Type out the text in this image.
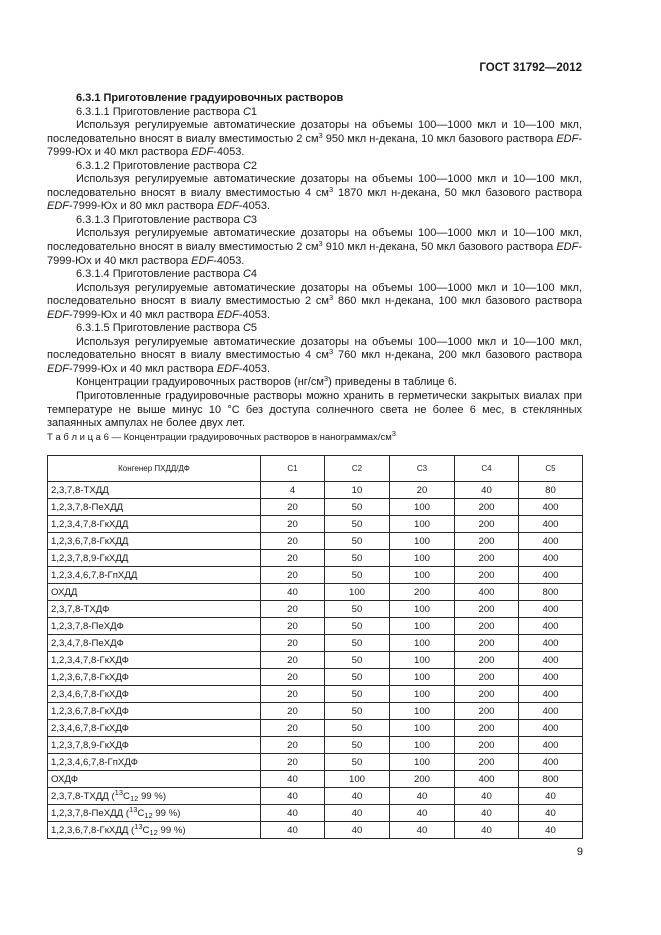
ГОСТ 31792—2012

6.3.1 Приготовление градуировочных растворов

6.3.1.1 Приготовление раствора С1

Используя регулируемые автоматические дозаторы на объемы 100—1000 мкл и 10—100 мкл, последовательно вносят в виалу вместимостью 2 $см^3$ 950 мкл н-декана, 10 мкл базового раствора EDF-7999-Юх и 40 мкл раствора EDF-4053.

6.3.1.2 Приготовление раствора С2

Используя регулируемые автоматические дозаторы на объемы 100—1000 мкл и 10—100 мкл, последовательно вносят в виалу вместимостью 4 $см^3$ 1870 мкл н-декана, 50 мкл базового раствора EDF-7999-Юх и 80 мкл раствора EDF-4053.

6.3.1.3 Приготовление раствора С3

Используя регулируемые автоматические дозаторы на объемы 100—1000 мкл и 10—100 мкл, последовательно вносят в виалу вместимостью 2 $см^3$ 910 мкл н-декана, 50 мкл базового раствора EDF-7999-Юх и 40 мкл раствора EDF-4053.

6.3.1.4 Приготовление раствора С4

Используя регулируемые автоматические дозаторы на объемы 100—1000 мкл и 10—100 мкл, последовательно вносят в виалу вместимостью 2 $см^3$ 860 мкл н-декана, 100 мкл базового раствора EDF-7999-Юх и 40 мкл раствора EDF-4053.

6.3.1.5 Приготовление раствора С5

Используя регулируемые автоматические дозаторы на объемы 100—1000 мкл и 10—100 мкл, последовательно вносят в виалу вместимостью 4 $см^3$ 760 мкл н-декана, 200 мкл базового раствора EDF-7999-Юх и 40 мкл раствора EDF-4053.

Концентрации градуировочных растворов $(нг/см^3)$ приведены в таблице 6.

Приготовленные градуировочные растворы можно хранить в герметически закрытых виалах при температуре не выше минус 10 °С без доступа солнечного света не более 6 мес, в стеклянных запаянных ампулах не более двух лет.

Т а б л и ц а 6 — Концентрации градуировочных растворов в нанограммах/$см^3$
Конгенер ПХДД/ДФ	С1	С2	С3	С4	С5
2,3,7,8-ТХДД	4	10	20	40	80
1,2,3,7,8-ПеХДД	20	50	100	200	400
1,2,3,4,7,8-ГкХДД	20	50	100	200	400
1,2,3,6,7,8-ГкХДД	20	50	100	200	400
1,2,3,7,8,9-ГкХДД	20	50	100	200	400
1,2,3,4,6,7,8-ГпХДД	20	50	100	200	400
ОХДД	40	100	200	400	800
2,3,7,8-ТХДФ	20	50	100	200	400
1,2,3,7,8-ПеХДФ	20	50	100	200	400
2,3,4,7,8-ПеХДФ	20	50	100	200	400
1,2,3,4,7,8-ГкХДФ	20	50	100	200	400
1,2,3,6,7,8-ГкХДФ	20	50	100	200	400
2,3,4,6,7,8-ГкХДФ	20	50	100	200	400
1,2,3,6,7,8-ГкХДФ	20	50	100	200	400
2,3,4,6,7,8-ГкХДФ	20	50	100	200	400
1,2,3,7,8,9-ГкХДФ	20	50	100	200	400
1,2,3,4,6,7,8-ГпХДФ	20	50	100	200	400
ОХДФ	40	100	200	400	800
2,3,7,8-ТХДД ($^{13}С_{12}$ 99 %)	40	40	40	40	40
1,2,3,7,8-ПеХДД ($^{13}С_{12}$ 99 %)	40	40	40	40	40
1,2,3,6,7,8-ГкХДД ($^{13}С_{12}$ 99 %)	40	40	40	40	40
9
